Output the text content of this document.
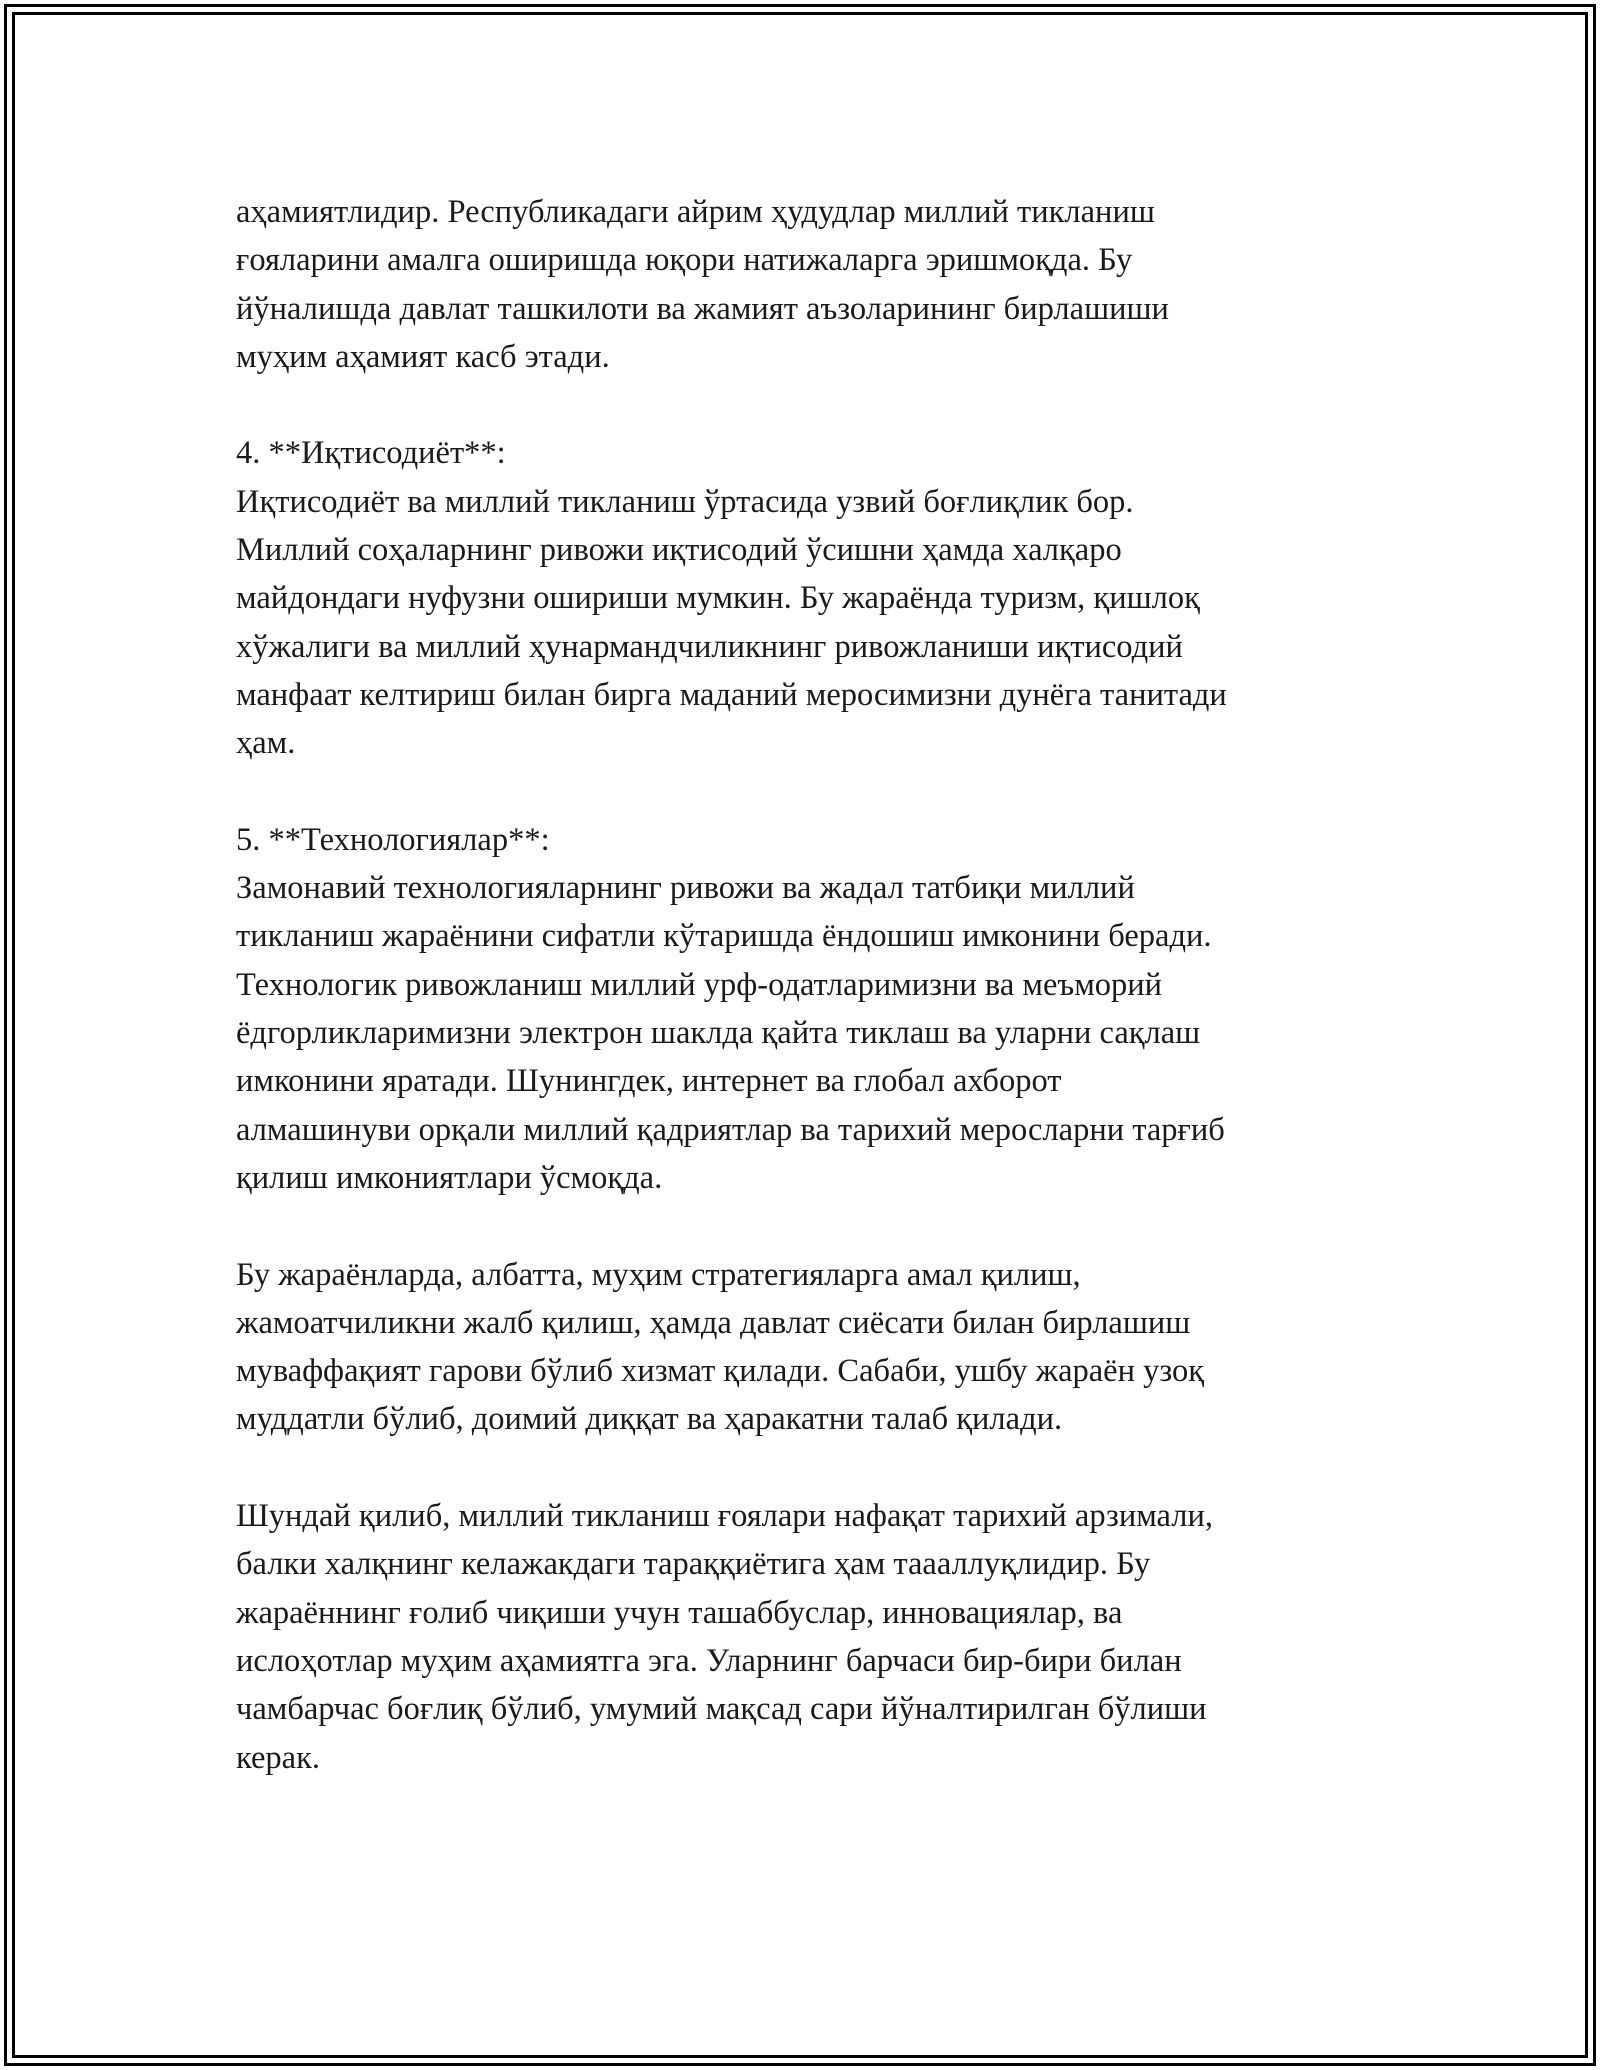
аҳамиятлидир. Республикадаги айрим ҳудудлар миллий тикланиш
ғояларини амалга оширишда юқори натижаларга эришмоқда. Бу
йўналишда давлат ташкилоти ва жамият аъзоларининг бирлашиши
муҳим аҳамият касб этади.

4. **Иқтисодиёт**:
Иқтисодиёт ва миллий тикланиш ўртасида узвий боғлиқлик бор.
Миллий соҳаларнинг ривожи иқтисодий ўсишни ҳамда халқаро
майдондаги нуфузни ошириши мумкин. Бу жараёнда туризм, қишлоқ
хўжалиги ва миллий ҳунармандчиликнинг ривожланиши иқтисодий
манфаат келтириш билан бирга маданий меросимизни дунёга танитади
ҳам.

5. **Технологиялар**:
Замонавий технологияларнинг ривожи ва жадал татбиқи миллий
тикланиш жараёнини сифатли кўтаришда ёндошиш имконини беради.
Технологик ривожланиш миллий урф-одатларимизни ва меъморий
ёдгорликларимизни электрон шаклда қайта тиклаш ва уларни сақлаш
имконини яратади. Шунингдек, интернет ва глобал ахборот
алмашинуви орқали миллий қадриятлар ва тарихий меросларни тарғиб
қилиш имкониятлари ўсмоқда.

Бу жараёнларда, албатта, муҳим стратегияларга амал қилиш,
жамоатчиликни жалб қилиш, ҳамда давлат сиёсати билан бирлашиш
муваффақият гарови бўлиб хизмат қилади. Сабаби, ушбу жараён узоқ
муддатли бўлиб, доимий диққат ва ҳаракатни талаб қилади.

Шундай қилиб, миллий тикланиш ғоялари нафақат тарихий арзимали,
балки халқнинг келажакдаги тараққиётига ҳам таааллуқлидир. Бу
жараённинг ғолиб чиқиши учун ташаббуслар, инновациялар, ва
ислоҳотлар муҳим аҳамиятга эга. Уларнинг барчаси бир-бири билан
чамбарчас боғлиқ бўлиб, умумий мақсад сари йўналтирилган бўлиши
керак.
